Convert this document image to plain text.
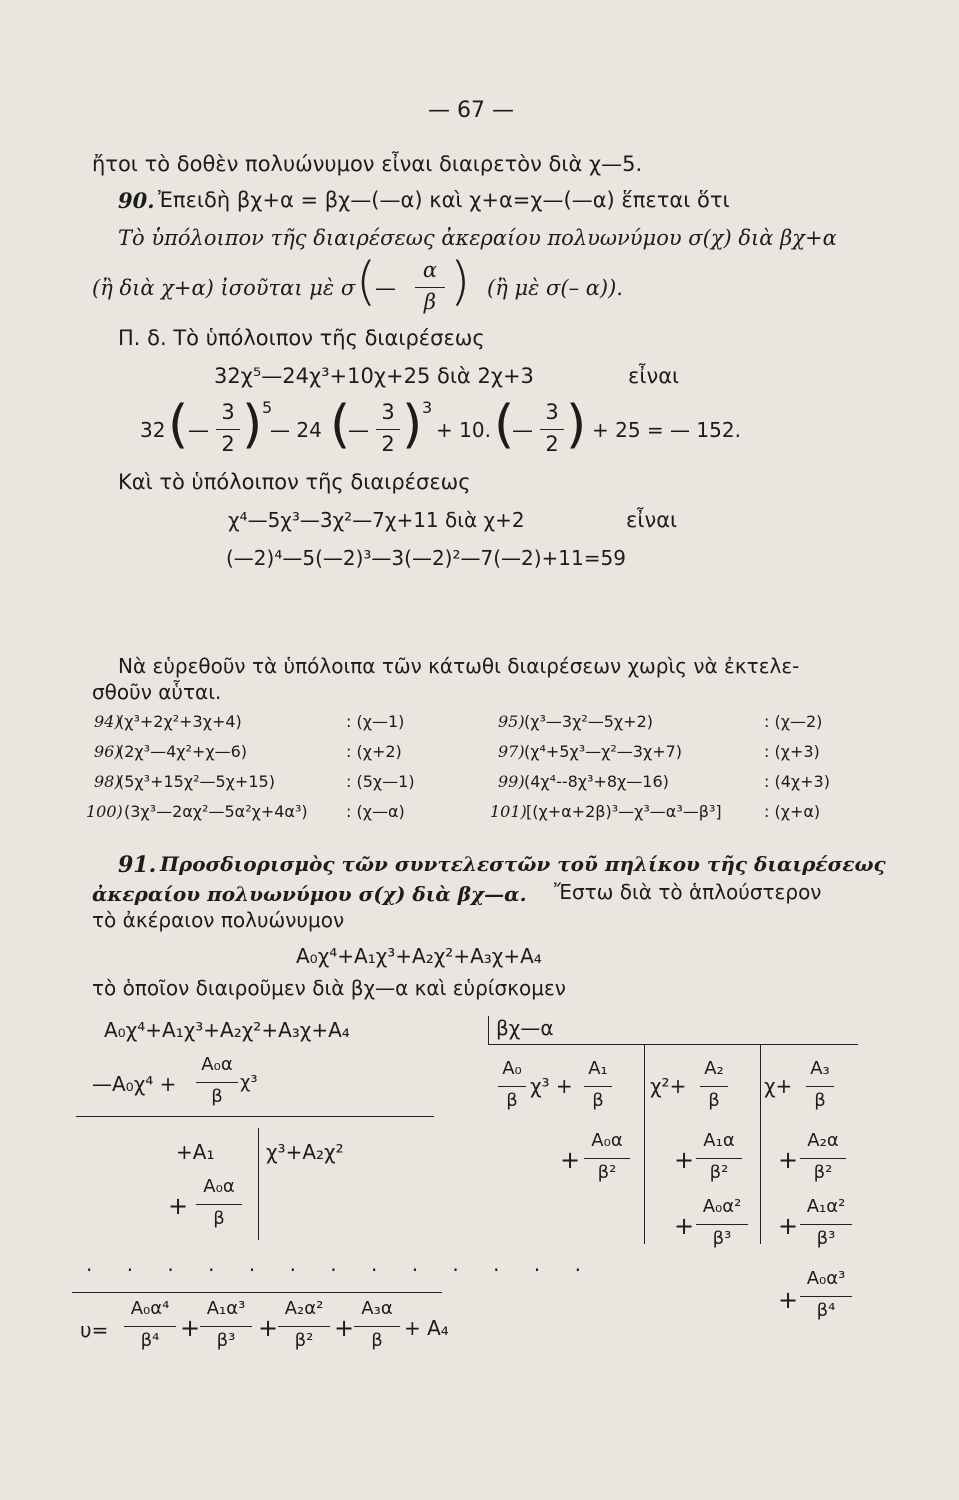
— 67 —
ἤτοι τὸ δοθὲν πολυώνυμον εἶναι διαιρετὸν διὰ χ—5.
90. Ἐπειδὴ βχ+α = βχ—(—α) καὶ χ+α=χ—(—α) ἕπεται ὅτι
Τὸ ὑπόλοιπον τῆς διαιρέσεως ἀκεραίου πολυωνύμου σ(χ) διὰ βχ+α
(ἢ διὰ χ+α) ἰσοῦται μὲ σ (
—
α
β ) (ἢ μὲ σ(– α)).
Π. δ. Τὸ ὑπόλοιπον τῆς διαιρέσεως
32χ⁵—24χ³+10χ+25 διὰ 2χ+3	εἶναι
32 ( —
3
2 ) 5
— 24 (
—
3
2 ) 3
+ 10. (
—
3
2 ) + 25 = — 152.
Καὶ τὸ ὑπόλοιπον τῆς διαιρέσεως
χ⁴—5χ³—3χ²—7χ+11 διὰ χ+2	εἶναι
(—2)⁴—5(—2)³—3(—2)²—7(—2)+11=59
Νὰ εὑρεθοῦν τὰ ὑπόλοιπα τῶν κάτωθι διαιρέσεων χωρὶς νὰ ἐκτελε-
σθοῦν αὗται.
94)
(χ³+2χ²+3χ+4)	: (χ—1)	95) (χ³—3χ²—5χ+2)	: (χ—2)
96)
(2χ³—4χ²+χ—6)	: (χ+2)	97) (χ⁴+5χ³—χ²—3χ+7)	: (χ+3)
98)
(5χ³+15χ²—5χ+15)	: (5χ—1)	99) (4χ⁴--8χ³+8χ—16)	: (4χ+3)
100) (3χ³—2αχ²—5α²χ+4α³) : (χ—α)	101) [(χ+α+2β)³—χ³—α³—β³]	: (χ+α)
91. Προσδιορισμὸς τῶν συντελεστῶν τοῦ πηλίκου τῆς διαιρέσεως
ἀκεραίου πολυωνύμου σ(χ) διὰ βχ—α. Ἔστω διὰ τὸ ἁπλούστερον
τὸ ἀκέραιον πολυώνυμον
A₀χ⁴+A₁χ³+A₂χ²+A₃χ+A₄
τὸ ὁποῖον διαιροῦμεν διὰ βχ—α καὶ εὑρίσκομεν
A₀χ⁴+A₁χ³+A₂χ²+A₃χ+A₄	βχ—α
—A₀χ⁴ +
A₀α
β
χ³
+A₁	χ³+A₂χ²
+
A₀α
β
. . . . . . . . . . . . .
υ=
A₀α⁴
β⁴ +
A₁α³
β³ +
A₂α²
β² +
A₃α
β
+ A₄
A₀
β
χ³ +
A₁
β
χ²+
A₂
β
χ+
A₃
β
+
A₀α
β²	+
A₁α
β²	+
A₂α
β²
+
A₀α²
β³	+
A₁α²
β³
+
A₀α³
β⁴
